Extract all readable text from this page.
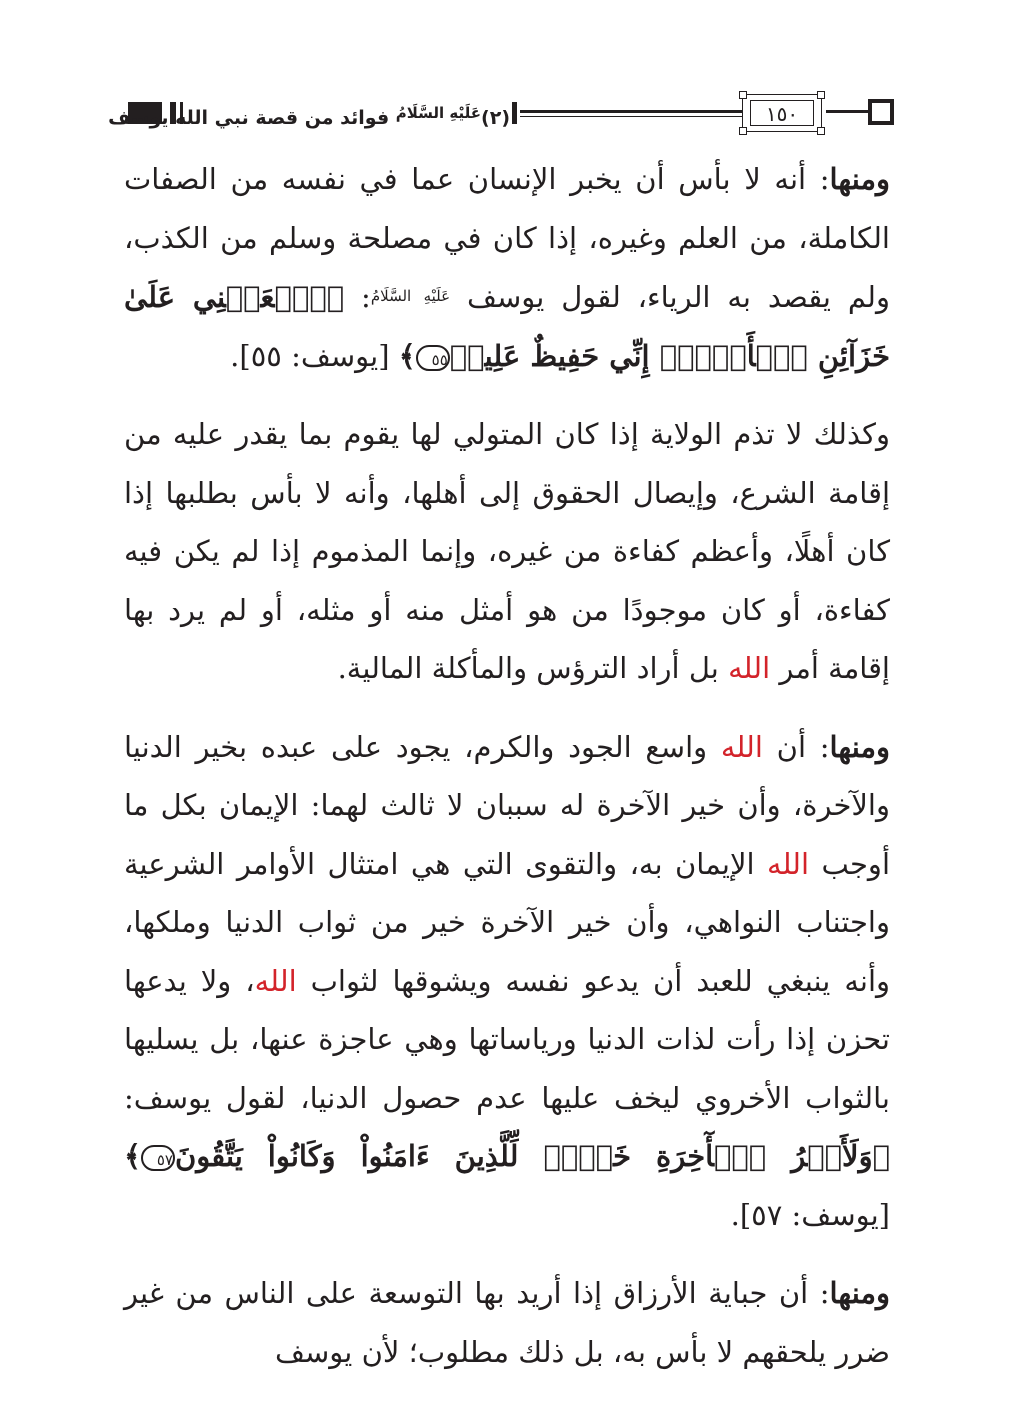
(٢)$^{عَلَيْهِ السَّلَامُ}$ فوائد من قصة نبي الله يوسف	١٥٠

ومنها: أنه لا بأس أن يخبر الإنسان عما في نفسه من الصفات الكاملة، من العلم وغيره، إذا كان في مصلحة وسلم من الكذب، ولم يقصد به الرياء، لقول يوسف $^{عَلَيْهِ السَّلَامُ}$: ﴿ٱجۡعَلۡنِي عَلَىٰ خَزَآئِنِ ٱلۡأَرۡضِۖ إِنِّي حَفِيظٌ عَلِيمٞ٥٥﴾ [يوسف: ٥٥].

وكذلك لا تذم الولاية إذا كان المتولي لها يقوم بما يقدر عليه من إقامة الشرع، وإيصال الحقوق إلى أهلها، وأنه لا بأس بطلبها إذا كان أهلًا، وأعظم كفاءة من غيره، وإنما المذموم إذا لم يكن فيه كفاءة، أو كان موجودًا من هو أمثل منه أو مثله، أو لم يرد بها إقامة أمر الله بل أراد الترؤس والمأكلة المالية.

ومنها: أن الله واسع الجود والكرم، يجود على عبده بخير الدنيا والآخرة، وأن خير الآخرة له سببان لا ثالث لهما: الإيمان بكل ما أوجب الله الإيمان به، والتقوى التي هي امتثال الأوامر الشرعية واجتناب النواهي، وأن خير الآخرة خير من ثواب الدنيا وملكها، وأنه ينبغي للعبد أن يدعو نفسه ويشوقها لثواب الله، ولا يدعها تحزن إذا رأت لذات الدنيا ورياساتها وهي عاجزة عنها، بل يسليها بالثواب الأخروي ليخف عليها عدم حصول الدنيا، لقول يوسف: ﴿وَلَأَجۡرُ ٱلۡأٓخِرَةِ خَيۡرٞ لِّلَّذِينَ ءَامَنُواْ وَكَانُواْ يَتَّقُونَ٥٧﴾ [يوسف: ٥٧].

ومنها: أن جباية الأرزاق إذا أريد بها التوسعة على الناس من غير ضرر يلحقهم لا بأس به، بل ذلك مطلوب؛ لأن يوسف
